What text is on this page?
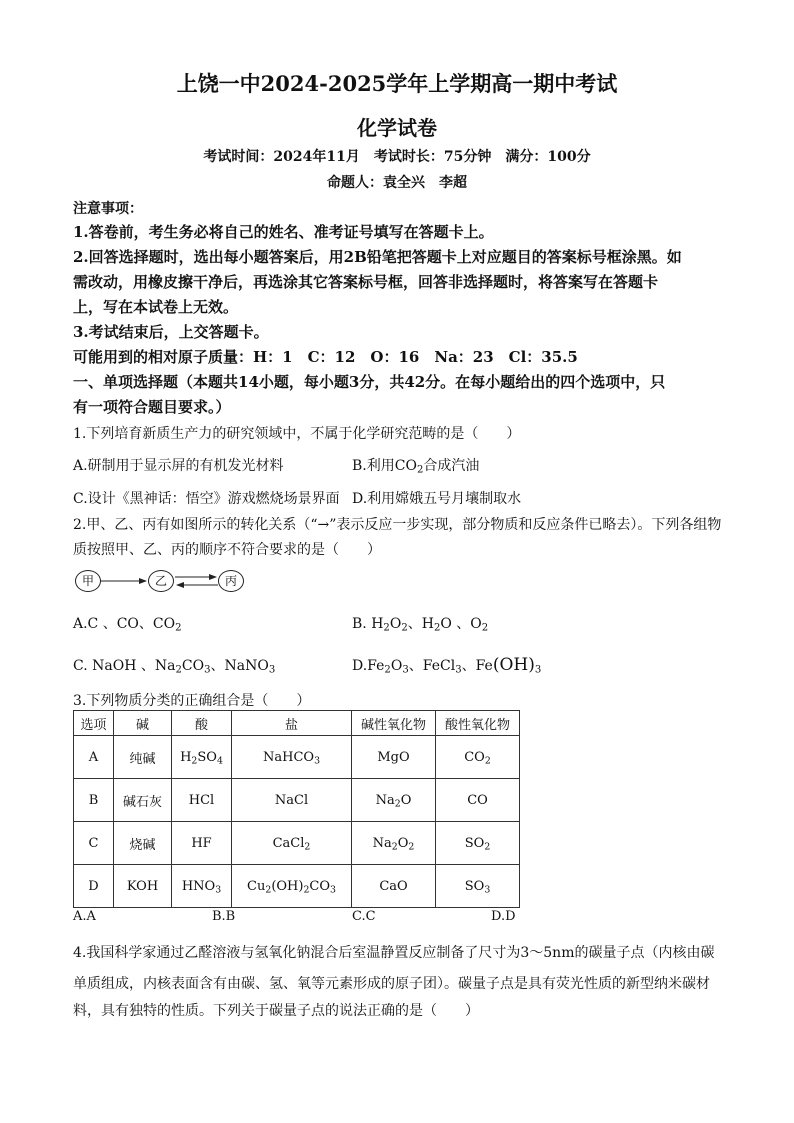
上饶一中2024-2025学年上学期高一期中考试
化学试卷
考试时间：2024年11月　考试时长：75分钟　满分：100分
命题人：袁全兴　李超
注意事项：
1.答卷前，考生务必将自己的姓名、准考证号填写在答题卡上。
2.回答选择题时，选出每小题答案后，用2B铅笔把答题卡上对应题目的答案标号框涂黑。如
需改动，用橡皮擦干净后，再选涂其它答案标号框，回答非选择题时，将答案写在答题卡
上，写在本试卷上无效。
3.考试结束后，上交答题卡。
可能用到的相对原子质量：H：1　C：12　O：16　Na：23　Cl：35.5
一、单项选择题（本题共14小题，每小题3分，共42分。在每小题给出的四个选项中，只
有一项符合题目要求。）
1.下列培育新质生产力的研究领域中，不属于化学研究范畴的是（　　）
A.研制用于显示屏的有机发光材料	B.利用$CO_2$合成汽油
C.设计《黑神话：悟空》游戏燃烧场景界面 D.利用嫦娥五号月壤制取水
2.甲、乙、丙有如图所示的转化关系（“→”表示反应一步实现，部分物质和反应条件已略去）。下列各组物
质按照甲、乙、丙的顺序不符合要求的是（　　）
甲	乙	丙
A.C 、CO、$CO_2$	B. $H_2O_2$、$H_2O$ 、$O_2$
C. NaOH 、$Na_2CO_3$、NaNO$_3$	$D.Fe_2O_3$、FeCl$_3$、$Fe(OH)_3$
3.下列物质分类的正确组合是（　　）
选项	碱	酸	盐	碱性氧化物	酸性氧化物
A	纯碱	$H_2SO_4$	NaHCO$_3$	MgO	$CO_2$
B	碱石灰	HCl	NaCl	$Na_2O$	CO
C	烧碱	HF	CaCl$_2$	$Na_2O_2$	$SO_2$
D	KOH	$HNO_3$	$Cu_2(OH)_2CO_3$	CaO	$SO_3$
A.A	B.B	C.C	D.D
4.我国科学家通过乙醛溶液与氢氧化钠混合后室温静置反应制备了尺寸为3～5nm的碳量子点（内核由碳
单质组成，内核表面含有由碳、氢、氧等元素形成的原子团）。碳量子点是具有荧光性质的新型纳米碳材
料，具有独特的性质。下列关于碳量子点的说法正确的是（　　）
